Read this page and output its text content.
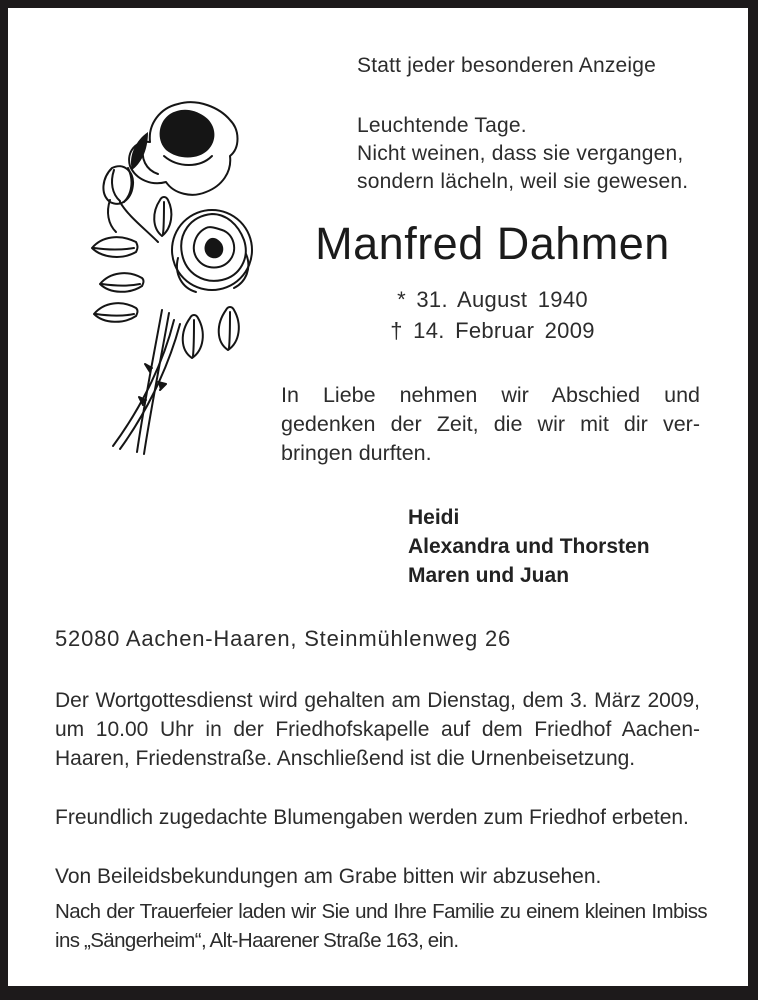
Statt jeder besonderen Anzeige
Leuchtende Tage.
Nicht weinen, dass sie vergangen,
sondern lächeln, weil sie gewesen.
Manfred Dahmen
* 31. August 1940
† 14. Februar 2009
In Liebe nehmen wir Abschied und gedenken der Zeit, die wir mit dir verbringen durften.
Heidi
Alexandra und Thorsten
Maren und Juan
52080 Aachen-Haaren, Steinmühlenweg 26
Der Wortgottesdienst wird gehalten am Dienstag, dem 3. März 2009, um 10.00 Uhr in der Friedhofskapelle auf dem Friedhof Aachen-Haaren, Friedenstraße. Anschließend ist die Urnenbeisetzung.
Freundlich zugedachte Blumengaben werden zum Friedhof erbeten.
Von Beileidsbekundungen am Grabe bitten wir abzusehen.
Nach der Trauerfeier laden wir Sie und Ihre Familie zu einem kleinen Imbiss ins „Sängerheim“, Alt-Haarener Straße 163, ein.
